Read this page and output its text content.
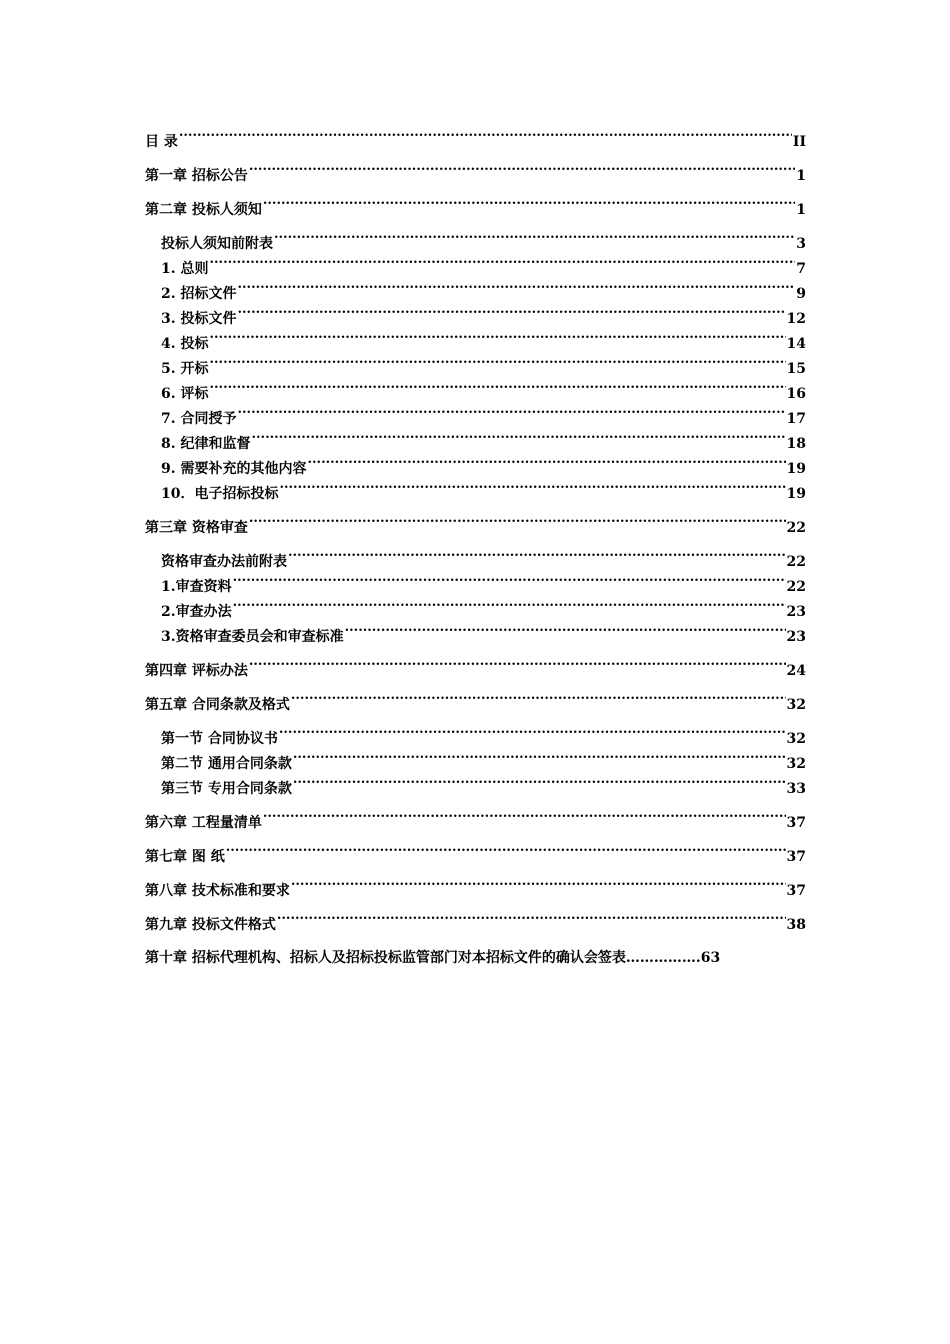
目 录 .....	II
第一章 招标公告 .....	1
第二章 投标人须知 .....	1
投标人须知前附表 .....	3
1. 总则 .....	7
2. 招标文件 .....	9
3. 投标文件 .....	12
4. 投标 .....	14
5. 开标 .....	15
6. 评标 .....	16
7. 合同授予 .....	17
8. 纪律和监督 .....	18
9. 需要补充的其他内容 .....	19
10．电子招标投标 .....	19
第三章 资格审查 .....	22
资格审查办法前附表 .....	22
1.审查资料 .....	22
2.审查办法 .....	23
3.资格审查委员会和审查标准 .....	23
第四章 评标办法 .....	24
第五章 合同条款及格式 .....	32
第一节 合同协议书 .....	32
第二节 通用合同条款 .....	32
第三节 专用合同条款 .....	33
第六章 工程量清单 .....	37
第七章 图 纸 .....	37
第八章 技术标准和要求 .....	37
第九章 投标文件格式 .....	38
第十章 招标代理机构、招标人及招标投标监管部门对本招标文件的确认会签表…………….63
